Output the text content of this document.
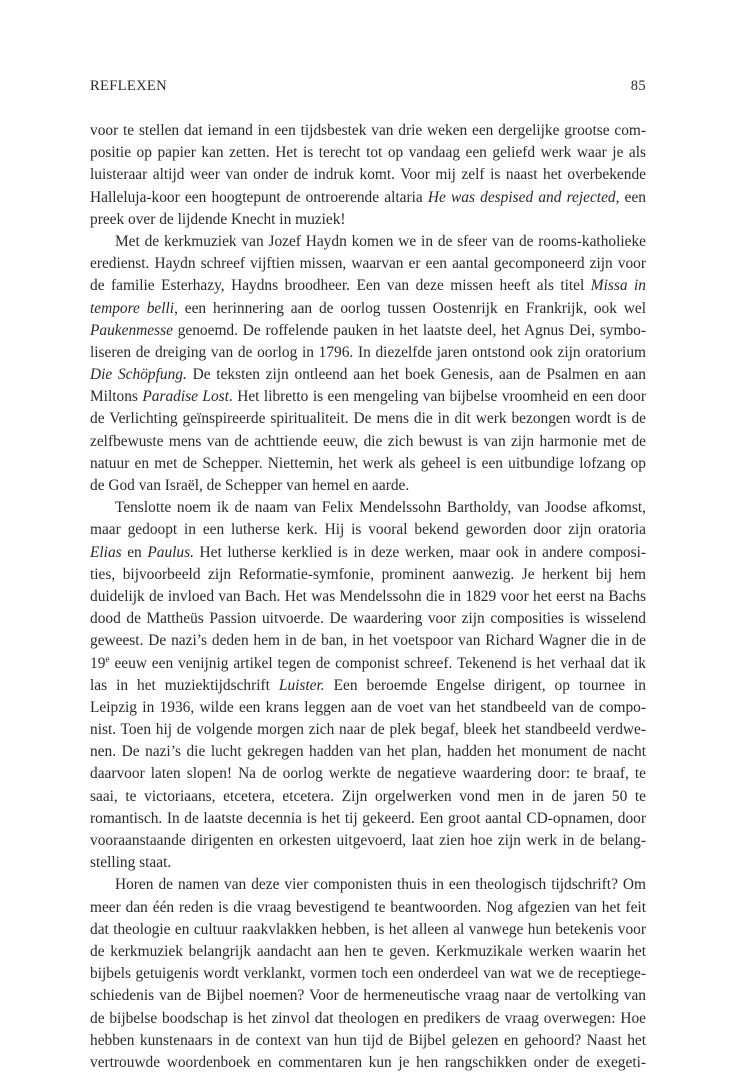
REFLEXEN	85
voor te stellen dat iemand in een tijdsbestek van drie weken een dergelijke grootse com-
positie op papier kan zetten. Het is terecht tot op vandaag een geliefd werk waar je als
luisteraar altijd weer van onder de indruk komt. Voor mij zelf is naast het overbekende
Halleluja-koor een hoogtepunt de ontroerende altaria He was despised and rejected, een
preek over de lijdende Knecht in muziek!
Met de kerkmuziek van Jozef Haydn komen we in de sfeer van de rooms-katholieke
eredienst. Haydn schreef vijftien missen, waarvan er een aantal gecomponeerd zijn voor
de familie Esterhazy, Haydns broodheer. Een van deze missen heeft als titel Missa in
tempore belli, een herinnering aan de oorlog tussen Oostenrijk en Frankrijk, ook wel
Paukenmesse genoemd. De roffelende pauken in het laatste deel, het Agnus Dei, symbo-
liseren de dreiging van de oorlog in 1796. In diezelfde jaren ontstond ook zijn oratorium
Die Schöpfung. De teksten zijn ontleend aan het boek Genesis, aan de Psalmen en aan
Miltons Paradise Lost. Het libretto is een mengeling van bijbelse vroomheid en een door
de Verlichting geïnspireerde spiritualiteit. De mens die in dit werk bezongen wordt is de
zelfbewuste mens van de achttiende eeuw, die zich bewust is van zijn harmonie met de
natuur en met de Schepper. Niettemin, het werk als geheel is een uitbundige lofzang op
de God van Israël, de Schepper van hemel en aarde.
Tenslotte noem ik de naam van Felix Mendelssohn Bartholdy, van Joodse afkomst,
maar gedoopt in een lutherse kerk. Hij is vooral bekend geworden door zijn oratoria
Elias en Paulus. Het lutherse kerklied is in deze werken, maar ook in andere composi-
ties, bijvoorbeeld zijn Reformatie-symfonie, prominent aanwezig. Je herkent bij hem
duidelijk de invloed van Bach. Het was Mendelssohn die in 1829 voor het eerst na Bachs
dood de Mattheüs Passion uitvoerde. De waardering voor zijn composities is wisselend
geweest. De nazi’s deden hem in de ban, in het voetspoor van Richard Wagner die in de
19e eeuw een venijnig artikel tegen de componist schreef. Tekenend is het verhaal dat ik
las in het muziektijdschrift Luister. Een beroemde Engelse dirigent, op tournee in
Leipzig in 1936, wilde een krans leggen aan de voet van het standbeeld van de compo-
nist. Toen hij de volgende morgen zich naar de plek begaf, bleek het standbeeld verdwe-
nen. De nazi’s die lucht gekregen hadden van het plan, hadden het monument de nacht
daarvoor laten slopen! Na de oorlog werkte de negatieve waardering door: te braaf, te
saai, te victoriaans, etcetera, etcetera. Zijn orgelwerken vond men in de jaren 50 te
romantisch. In de laatste decennia is het tij gekeerd. Een groot aantal CD-opnamen, door
vooraanstaande dirigenten en orkesten uitgevoerd, laat zien hoe zijn werk in de belang-
stelling staat.
Horen de namen van deze vier componisten thuis in een theologisch tijdschrift? Om
meer dan één reden is die vraag bevestigend te beantwoorden. Nog afgezien van het feit
dat theologie en cultuur raakvlakken hebben, is het alleen al vanwege hun betekenis voor
de kerkmuziek belangrijk aandacht aan hen te geven. Kerkmuzikale werken waarin het
bijbels getuigenis wordt verklankt, vormen toch een onderdeel van wat we de receptiege-
schiedenis van de Bijbel noemen? Voor de hermeneutische vraag naar de vertolking van
de bijbelse boodschap is het zinvol dat theologen en predikers de vraag overwegen: Hoe
hebben kunstenaars in de context van hun tijd de Bijbel gelezen en gehoord? Naast het
vertrouwde woordenboek en commentaren kun je hen rangschikken onder de exegeti-
